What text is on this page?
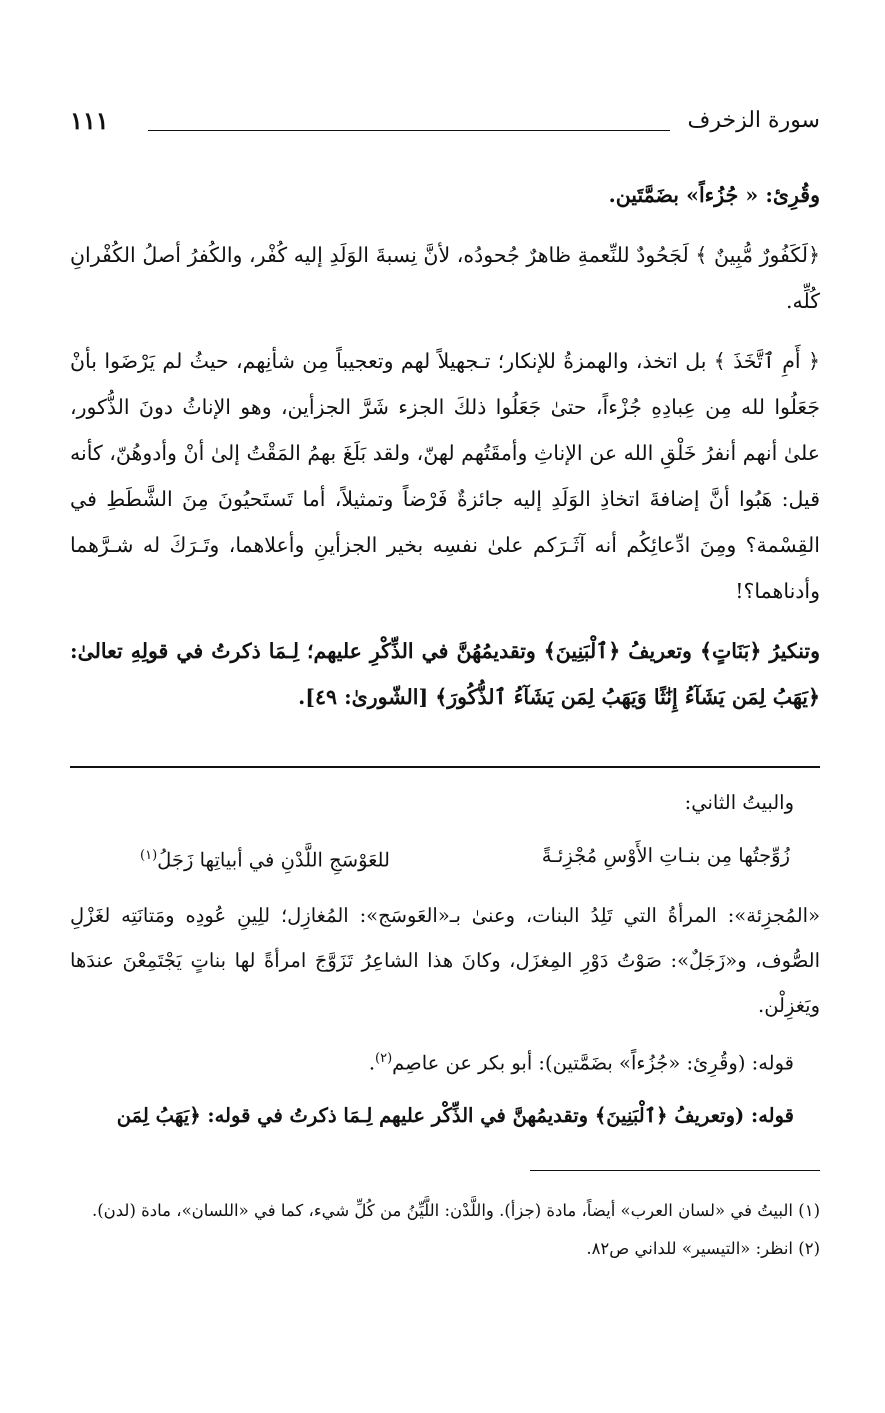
سورة الزخرف
١١١

وقُرِئ: « جُزُءاً» بضَمَّتَين.

﴿لَكَفُورٌ مُّبِينٌ ﴾ لَجَحُودٌ للنِّعمةِ ظاهرٌ جُحودُه، لأنَّ نِسبةَ الوَلَدِ إليه كُفْر، والكُفرُ أصلُ الكُفْرانِ كُلِّه.

﴿ أَمِ ٱتَّخَذَ ﴾ بل اتخذ، والهمزةُ للإنكار؛ تـجهيلاً لهم وتعجيباً مِن شأنِهم، حيثُ لم يَرْضَوا بأنْ جَعَلُوا لله مِن عِبادِهِ جُزْءاً، حتىٰ جَعَلُوا ذلكَ الجزء شَرَّ الجزأين، وهو الإناثُ دونَ الذُّكور، علىٰ أنهم أنفرُ خَلْقِ الله عن الإناثِ وأمقَتُهم لهنّ، ولقد بَلَغَ بهمُ المَقْتُ إلىٰ أنْ وأدوهُنّ، كأنه قيل: هَبُوا أنَّ إضافةَ اتخاذِ الوَلَدِ إليه جائزةٌ فَرْضاً وتمثيلاً، أما تَستَحيُونَ مِنَ الشَّطَطِ في القِسْمة؟ ومِنَ ادِّعائِكُم أنه آثَـرَكم علىٰ نفسِه بخير الجزأينِ وأعلاهما، وتَـرَكَ له شـرَّهما وأدناهما؟!

وتنكيرُ ﴿بَنَاتٍ﴾ وتعريفُ ﴿ٱلْبَنِينَ﴾ وتقديمُهُنَّ في الذِّكْرِ عليهم؛ لِـمَا ذكرتُ في قولِهِ تعالىٰ: ﴿يَهَبُ لِمَن يَشَآءُ إِنَٰثًا وَيَهَبُ لِمَن يَشَآءُ ٱلذُّكُورَ﴾ [الشّورىٰ: ٤٩].

والبيتُ الثاني:

زُوِّجتُها مِن بنـاتِ الأَوْسِ مُجْزِئـةً
للعَوْسَجِ اللَّدْنِ في أبياتِها زَجَلُ$^{(١)}$

«المُجزِئة»: المرأةُ التي تَلِدُ البنات، وعنىٰ بـ«العَوسَج»: المُغازِل؛ للِينِ عُودِه ومَتانَتِه لغَزْلِ الصُّوف، و«زَجَلٌ»: صَوْتُ دَوْرِ المِغزَل، وكانَ هذا الشاعِرُ تَزَوَّجَ امرأةً لها بناتٍ يَجْتَمِعْنَ عندَها ويَغزِلْن.

قوله: (وقُرِئ: «جُزُءاً» بضَمَّتين): أبو بكر عن عاصِم$^{(٢)}$.

قوله: (وتعريفُ ﴿ٱلْبَنِينَ﴾ وتقديمُهنَّ في الذِّكْر عليهم لِـمَا ذكرتُ في قوله: ﴿يَهَبُ لِمَن

(١) البيتُ في «لسان العرب» أيضاً، مادة (جزأ). واللَّدْن: اللَّيِّنُ من كُلِّ شيء، كما في «اللسان»، مادة (لدن).

(٢) انظر: «التيسير» للداني ص٨٢.
